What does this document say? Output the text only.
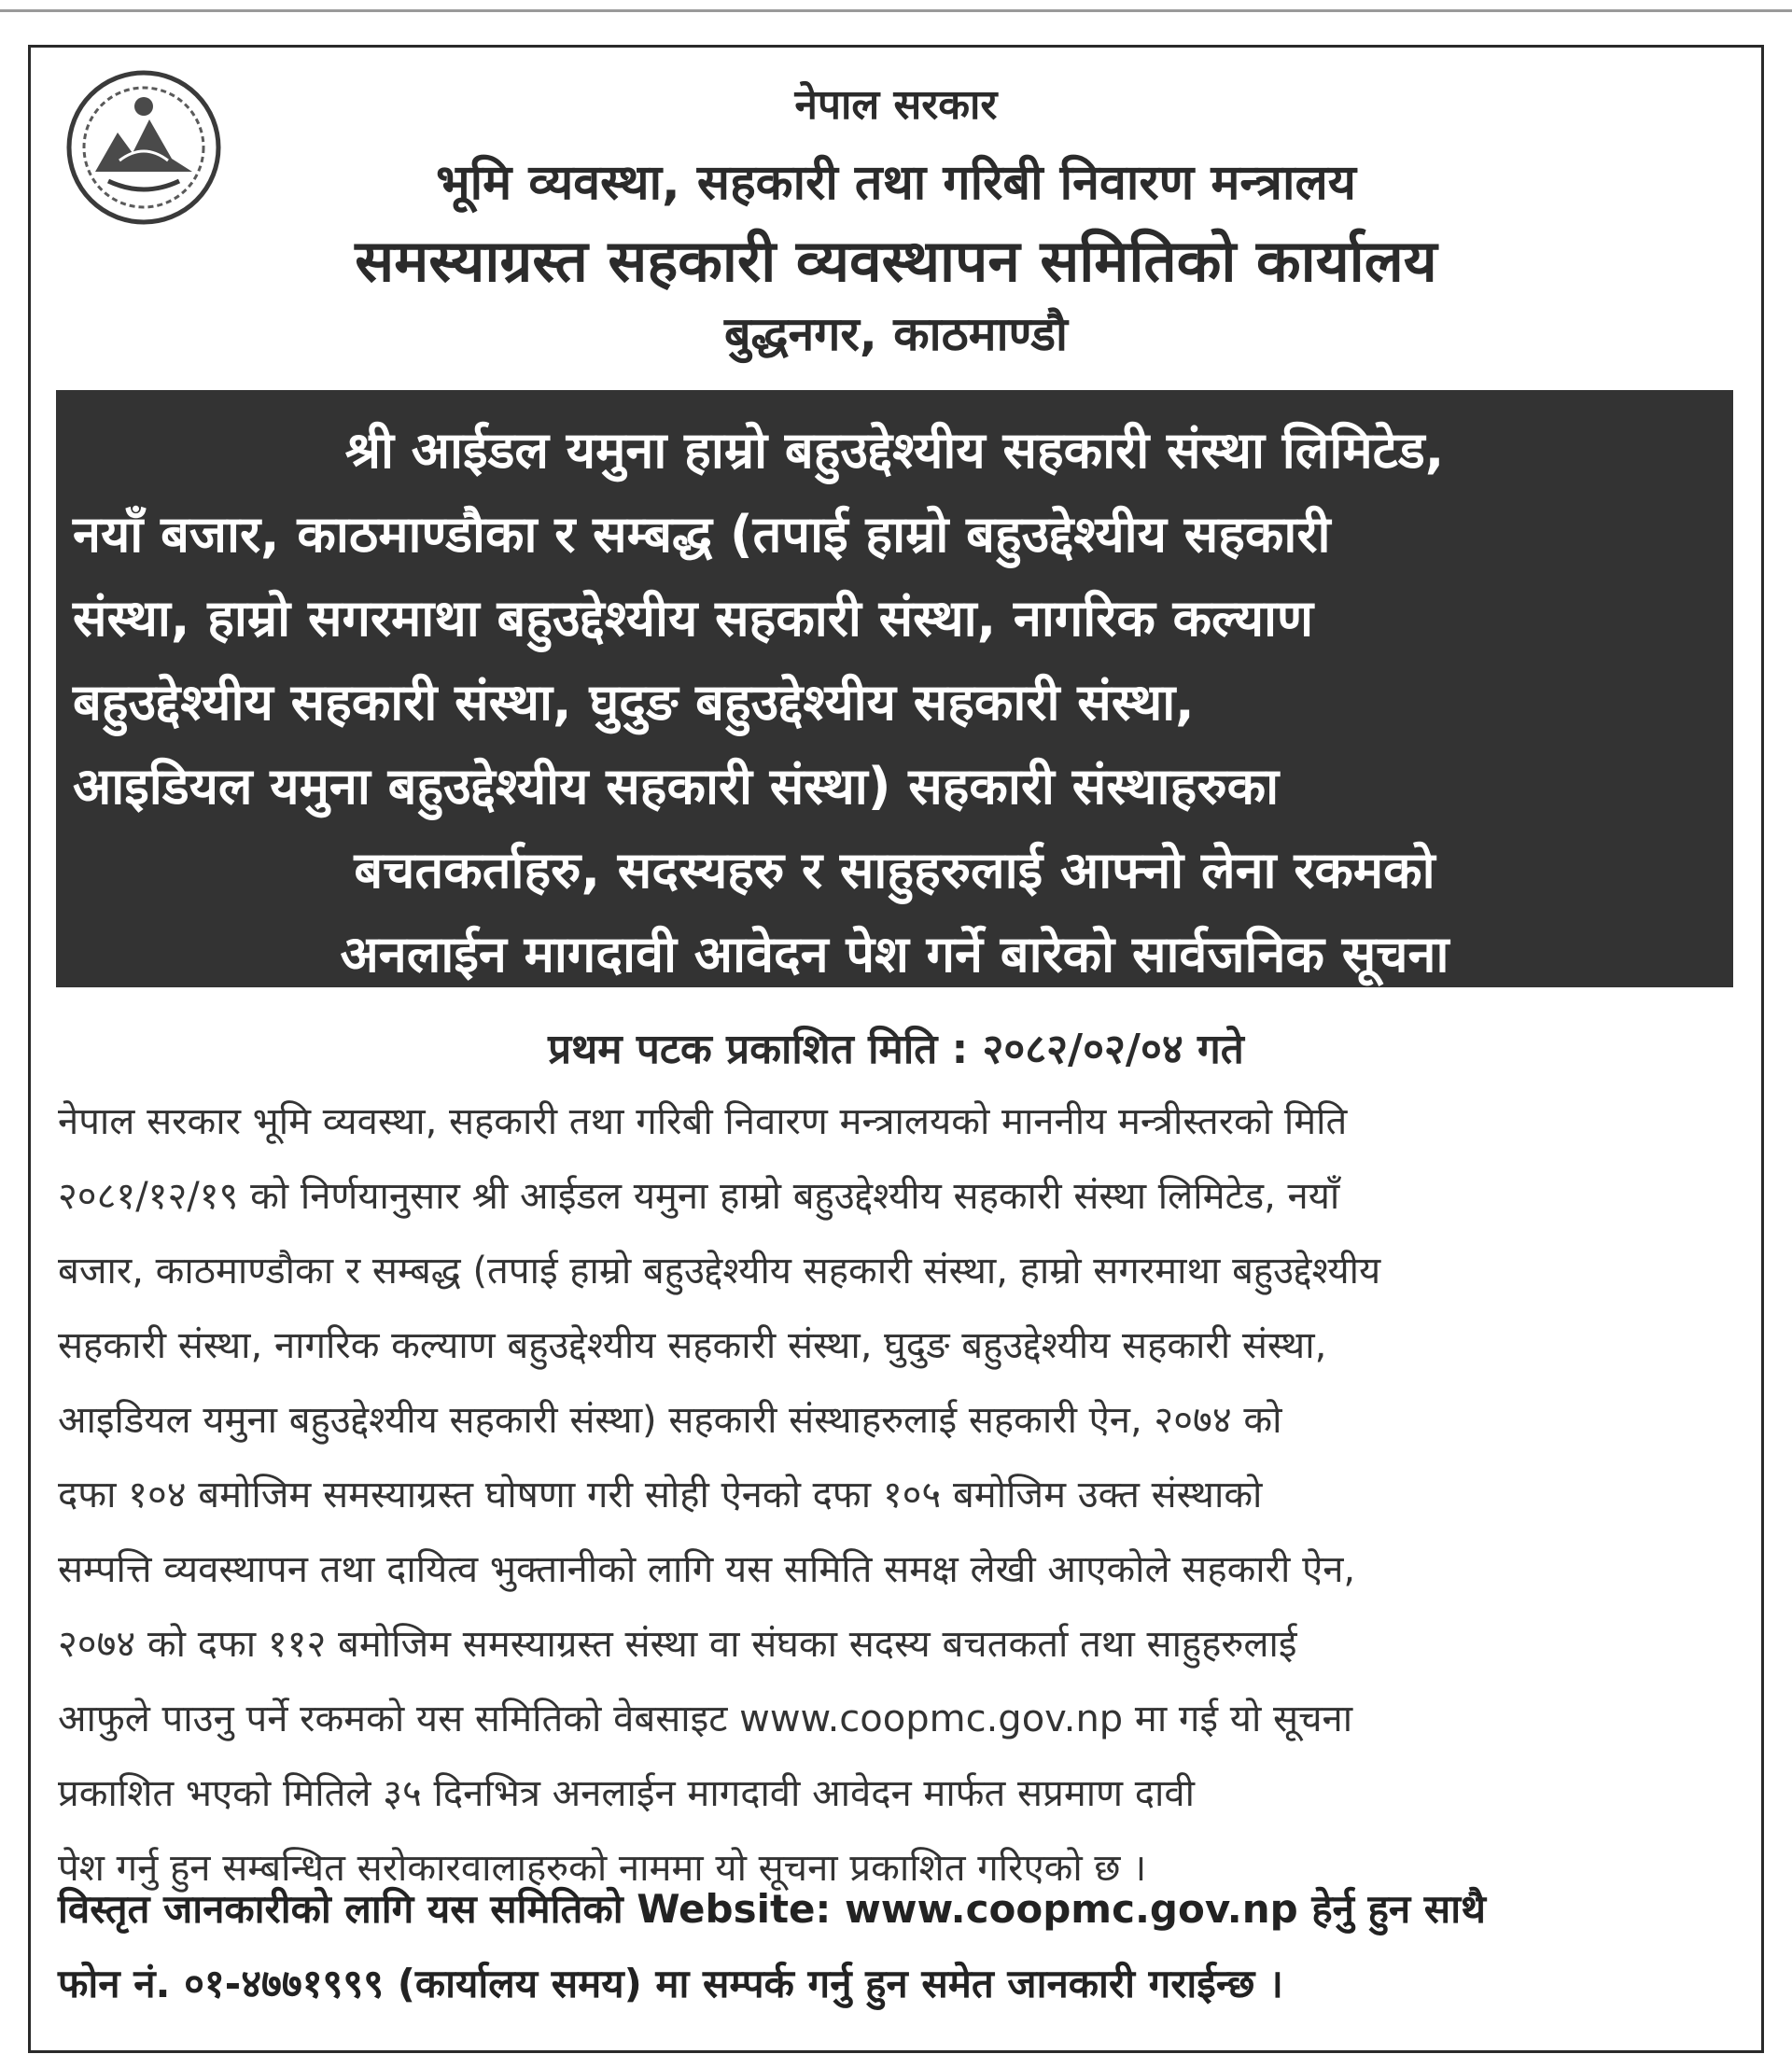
नेपाल सरकार
भूमि व्यवस्था, सहकारी तथा गरिबी निवारण मन्त्रालय
समस्याग्रस्त सहकारी व्यवस्थापन समितिको कार्यालय
बुद्धनगर, काठमाण्डौ
श्री आईडल यमुना हाम्रो बहुउद्देश्यीय सहकारी संस्था लिमिटेड,
नयाँ बजार, काठमाण्डौका र सम्बद्ध (तपाई हाम्रो बहुउद्देश्यीय सहकारी
संस्था, हाम्रो सगरमाथा बहुउद्देश्यीय सहकारी संस्था, नागरिक कल्याण
बहुउद्देश्यीय सहकारी संस्था, घुदुङ बहुउद्देश्यीय सहकारी संस्था,
आइडियल यमुना बहुउद्देश्यीय सहकारी संस्था) सहकारी संस्थाहरुका
बचतकर्ताहरु, सदस्यहरु र साहुहरुलाई आफ्नो लेना रकमको
अनलाईन मागदावी आवेदन पेश गर्ने बारेको सार्वजनिक सूचना
प्रथम पटक प्रकाशित मिति : २०८२/०२/०४ गते
नेपाल सरकार भूमि व्यवस्था, सहकारी तथा गरिबी निवारण मन्त्रालयको माननीय मन्त्रीस्तरको मिति
२०८१/१२/१९ को निर्णयानुसार श्री आईडल यमुना हाम्रो बहुउद्देश्यीय सहकारी संस्था लिमिटेड, नयाँ
बजार, काठमाण्डौका र सम्बद्ध (तपाई हाम्रो बहुउद्देश्यीय सहकारी संस्था, हाम्रो सगरमाथा बहुउद्देश्यीय
सहकारी संस्था, नागरिक कल्याण बहुउद्देश्यीय सहकारी संस्था, घुदुङ बहुउद्देश्यीय सहकारी संस्था,
आइडियल यमुना बहुउद्देश्यीय सहकारी संस्था) सहकारी संस्थाहरुलाई सहकारी ऐन, २०७४ को
दफा १०४ बमोजिम समस्याग्रस्त घोषणा गरी सोही ऐनको दफा १०५ बमोजिम उक्त संस्थाको
सम्पत्ति व्यवस्थापन तथा दायित्व भुक्तानीको लागि यस समिति समक्ष लेखी आएकोले सहकारी ऐन,
२०७४ को दफा ११२ बमोजिम समस्याग्रस्त संस्था वा संघका सदस्य बचतकर्ता तथा साहुहरुलाई
आफुले पाउनु पर्ने रकमको यस समितिको वेबसाइट www.coopmc.gov.np मा गई यो सूचना
प्रकाशित भएको मितिले ३५ दिनभित्र अनलाईन मागदावी आवेदन मार्फत सप्रमाण दावी
पेश गर्नु हुन सम्बन्धित सरोकारवालाहरुको नाममा यो सूचना प्रकाशित गरिएको छ ।
विस्तृत जानकारीको लागि यस समितिको Website: www.coopmc.gov.np हेर्नु हुन साथै
फोन नं. ०१-४७७१९९९ (कार्यालय समय) मा सम्पर्क गर्नु हुन समेत जानकारी गराईन्छ ।
